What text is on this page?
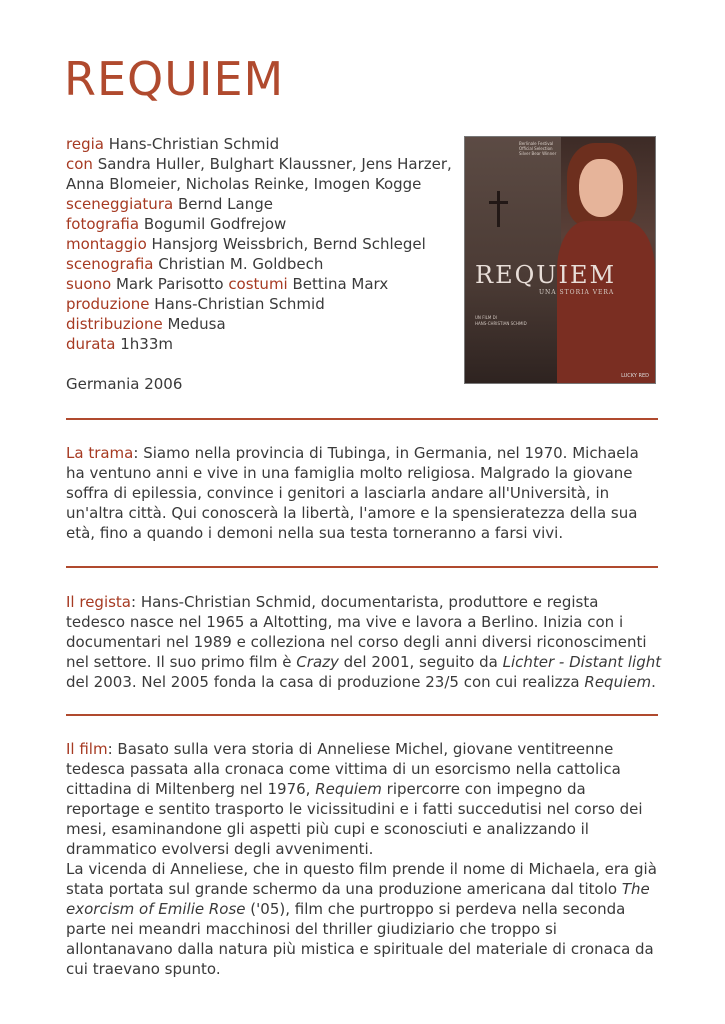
REQUIEM
regia Hans-Christian Schmid
con Sandra Huller, Bulghart Klaussner, Jens Harzer,
Anna Blomeier, Nicholas Reinke, Imogen Kogge
sceneggiatura Bernd Lange
fotografia Bogumil Godfrejow
montaggio Hansjorg Weissbrich, Bernd Schlegel
scenografia Christian M. Goldbech
suono Mark Parisotto costumi Bettina Marx
produzione Hans-Christian Schmid
distribuzione Medusa
durata 1h33m
Germania 2006
Berlinale Festival
Official Selection
Silver Bear Winner
REQUIEM
UNA STORIA VERA
UN FILM DI
HANS-CHRISTIAN SCHMID
LUCKY RED
La trama: Siamo nella provincia di Tubinga, in Germania, nel 1970. Michaela ha ventuno anni e vive in una famiglia molto religiosa. Malgrado la giovane soffra di epilessia, convince i genitori a lasciarla andare all'Università, in un'altra città. Qui conoscerà la libertà, l'amore e la spensieratezza della sua età, fino a quando i demoni nella sua testa torneranno a farsi vivi.
Il regista: Hans-Christian Schmid, documentarista, produttore e regista tedesco nasce nel 1965 a Altotting, ma vive e lavora a Berlino. Inizia con i documentari nel 1989 e colleziona nel corso degli anni diversi riconoscimenti nel settore. Il suo primo film è Crazy del 2001, seguito da Lichter - Distant light del 2003. Nel 2005 fonda la casa di produzione 23/5 con cui realizza Requiem.
Il film: Basato sulla vera storia di Anneliese Michel, giovane ventitreenne tedesca passata alla cronaca come vittima di un esorcismo nella cattolica cittadina di Miltenberg nel 1976, Requiem ripercorre con impegno da reportage e sentito trasporto le vicissitudini e i fatti succedutisi nel corso dei mesi, esaminandone gli aspetti più cupi e sconosciuti e analizzando il drammatico evolversi degli avvenimenti.
La vicenda di Anneliese, che in questo film prende il nome di Michaela, era già stata portata sul grande schermo da una produzione americana dal titolo The exorcism of Emilie Rose ('05), film che purtroppo si perdeva nella seconda parte nei meandri macchinosi del thriller giudiziario che troppo si allontanavano dalla natura più mistica e spirituale del materiale di cronaca da cui traevano spunto.
